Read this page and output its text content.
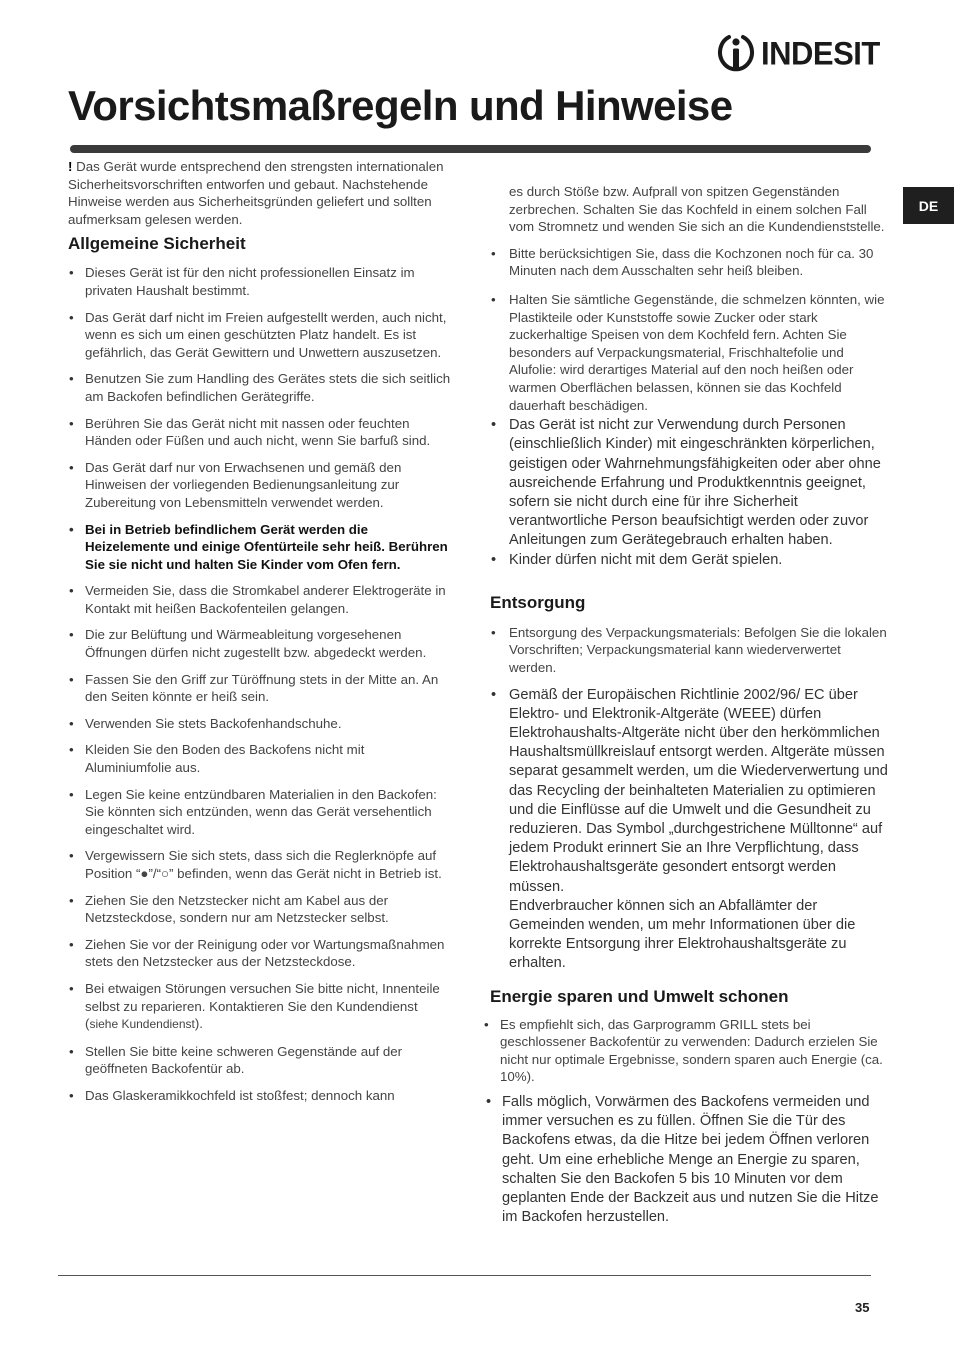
INDESIT
Vorsichtsmaßregeln und Hinweise
DE

! Das Gerät wurde entsprechend den strengsten internationalen Sicherheitsvorschriften entworfen und gebaut. Nachstehende Hinweise werden aus Sicherheitsgründen geliefert und sollten aufmerksam gelesen werden.

Allgemeine Sicherheit
• Dieses Gerät ist für den nicht professionellen Einsatz im privaten Haushalt bestimmt.
• Das Gerät darf nicht im Freien aufgestellt werden, auch nicht, wenn es sich um einen geschützten Platz handelt. Es ist gefährlich, das Gerät Gewittern und Unwettern auszusetzen.
• Benutzen Sie zum Handling des Gerätes stets die sich seitlich am Backofen befindlichen Gerätegriffe.
• Berühren Sie das Gerät nicht mit nassen oder feuchten Händen oder Füßen und auch nicht, wenn Sie barfuß sind.
• Das Gerät darf nur von Erwachsenen und gemäß den Hinweisen der vorliegenden Bedienungsanleitung zur Zubereitung von Lebensmitteln verwendet werden.
• Bei in Betrieb befindlichem Gerät werden die Heizelemente und einige Ofentürteile sehr heiß. Berühren Sie sie nicht und halten Sie Kinder vom Ofen fern.
• Vermeiden Sie, dass die Stromkabel anderer Elektrogeräte in Kontakt mit heißen Backofenteilen gelangen.
• Die zur Belüftung und Wärmeableitung vorgesehenen Öffnungen dürfen nicht zugestellt bzw. abgedeckt werden.
• Fassen Sie den Griff zur Türöffnung stets in der Mitte an. An den Seiten könnte er heiß sein.
• Verwenden Sie stets Backofenhandschuhe.
• Kleiden Sie den Boden des Backofens nicht mit Aluminiumfolie aus.
• Legen Sie keine entzündbaren Materialien in den Backofen: Sie könnten sich entzünden, wenn das Gerät versehentlich eingeschaltet wird.
• Vergewissern Sie sich stets, dass sich die Reglerknöpfe auf Position “●”/“○” befinden, wenn das Gerät nicht in Betrieb ist.
• Ziehen Sie den Netzstecker nicht am Kabel aus der Netzsteckdose, sondern nur am Netzstecker selbst.
• Ziehen Sie vor der Reinigung oder vor Wartungsmaßnahmen stets den Netzstecker aus der Netzsteckdose.
• Bei etwaigen Störungen versuchen Sie bitte nicht, Innenteile selbst zu reparieren. Kontaktieren Sie den Kundendienst (siehe Kundendienst).
• Stellen Sie bitte keine schweren Gegenstände auf der geöffneten Backofentür ab.
• Das Glaskeramikkochfeld ist stoßfest; dennoch kann

es durch Stöße bzw. Aufprall von spitzen Gegenständen zerbrechen. Schalten Sie das Kochfeld in einem solchen Fall vom Stromnetz und wenden Sie sich an die Kundendienststelle.

• Bitte berücksichtigen Sie, dass die Kochzonen noch für ca. 30 Minuten nach dem Ausschalten sehr heiß bleiben.
• Halten Sie sämtliche Gegenstände, die schmelzen könnten, wie Plastikteile oder Kunststoffe sowie Zucker oder stark zuckerhaltige Speisen von dem Kochfeld fern. Achten Sie besonders auf Verpackungsmaterial, Frischhaltefolie und Alufolie: wird derartiges Material auf den noch heißen oder warmen Oberflächen belassen, können sie das Kochfeld dauerhaft beschädigen.
• Das Gerät ist nicht zur Verwendung durch Personen (einschließlich Kinder) mit eingeschränkten körperlichen, geistigen oder Wahrnehmungsfähigkeiten oder aber ohne ausreichende Erfahrung und Produktkenntnis geeignet, sofern sie nicht durch eine für ihre Sicherheit verantwortliche Person beaufsichtigt werden oder zuvor Anleitungen zum Gerätegebrauch erhalten haben.
• Kinder dürfen nicht mit dem Gerät spielen.
Entsorgung
• Entsorgung des Verpackungsmaterials: Befolgen Sie die lokalen Vorschriften; Verpackungsmaterial kann wiederverwertet werden.
• Gemäß der Europäischen Richtlinie 2002/96/ EC über Elektro- und Elektronik-Altgeräte (WEEE) dürfen Elektrohaushalts-Altgeräte nicht über den herkömmlichen Haushaltsmüllkreislauf entsorgt werden. Altgeräte müssen separat gesammelt werden, um die Wiederverwertung und das Recycling der beinhalteten Materialien zu optimieren und die Einflüsse auf die Umwelt und die Gesundheit zu reduzieren. Das Symbol „durchgestrichene Mülltonne“ auf jedem Produkt erinnert Sie an Ihre Verpflichtung, dass Elektrohaushaltsgeräte gesondert entsorgt werden müssen.
Endverbraucher können sich an Abfallämter der Gemeinden wenden, um mehr Informationen über die korrekte Entsorgung ihrer Elektrohaushaltsgeräte zu erhalten.
Energie sparen und Umwelt schonen
• Es empfiehlt sich, das Garprogramm GRILL stets bei geschlossener Backofentür zu verwenden: Dadurch erzielen Sie nicht nur optimale Ergebnisse, sondern sparen auch Energie (ca. 10%).
• Falls möglich, Vorwärmen des Backofens vermeiden und immer versuchen es zu füllen. Öffnen Sie die Tür des Backofens etwas, da die Hitze bei jedem Öffnen verloren geht. Um eine erhebliche Menge an Energie zu sparen, schalten Sie den Backofen 5 bis 10 Minuten vor dem geplanten Ende der Backzeit aus und nutzen Sie die Hitze im Backofen herzustellen.
35
